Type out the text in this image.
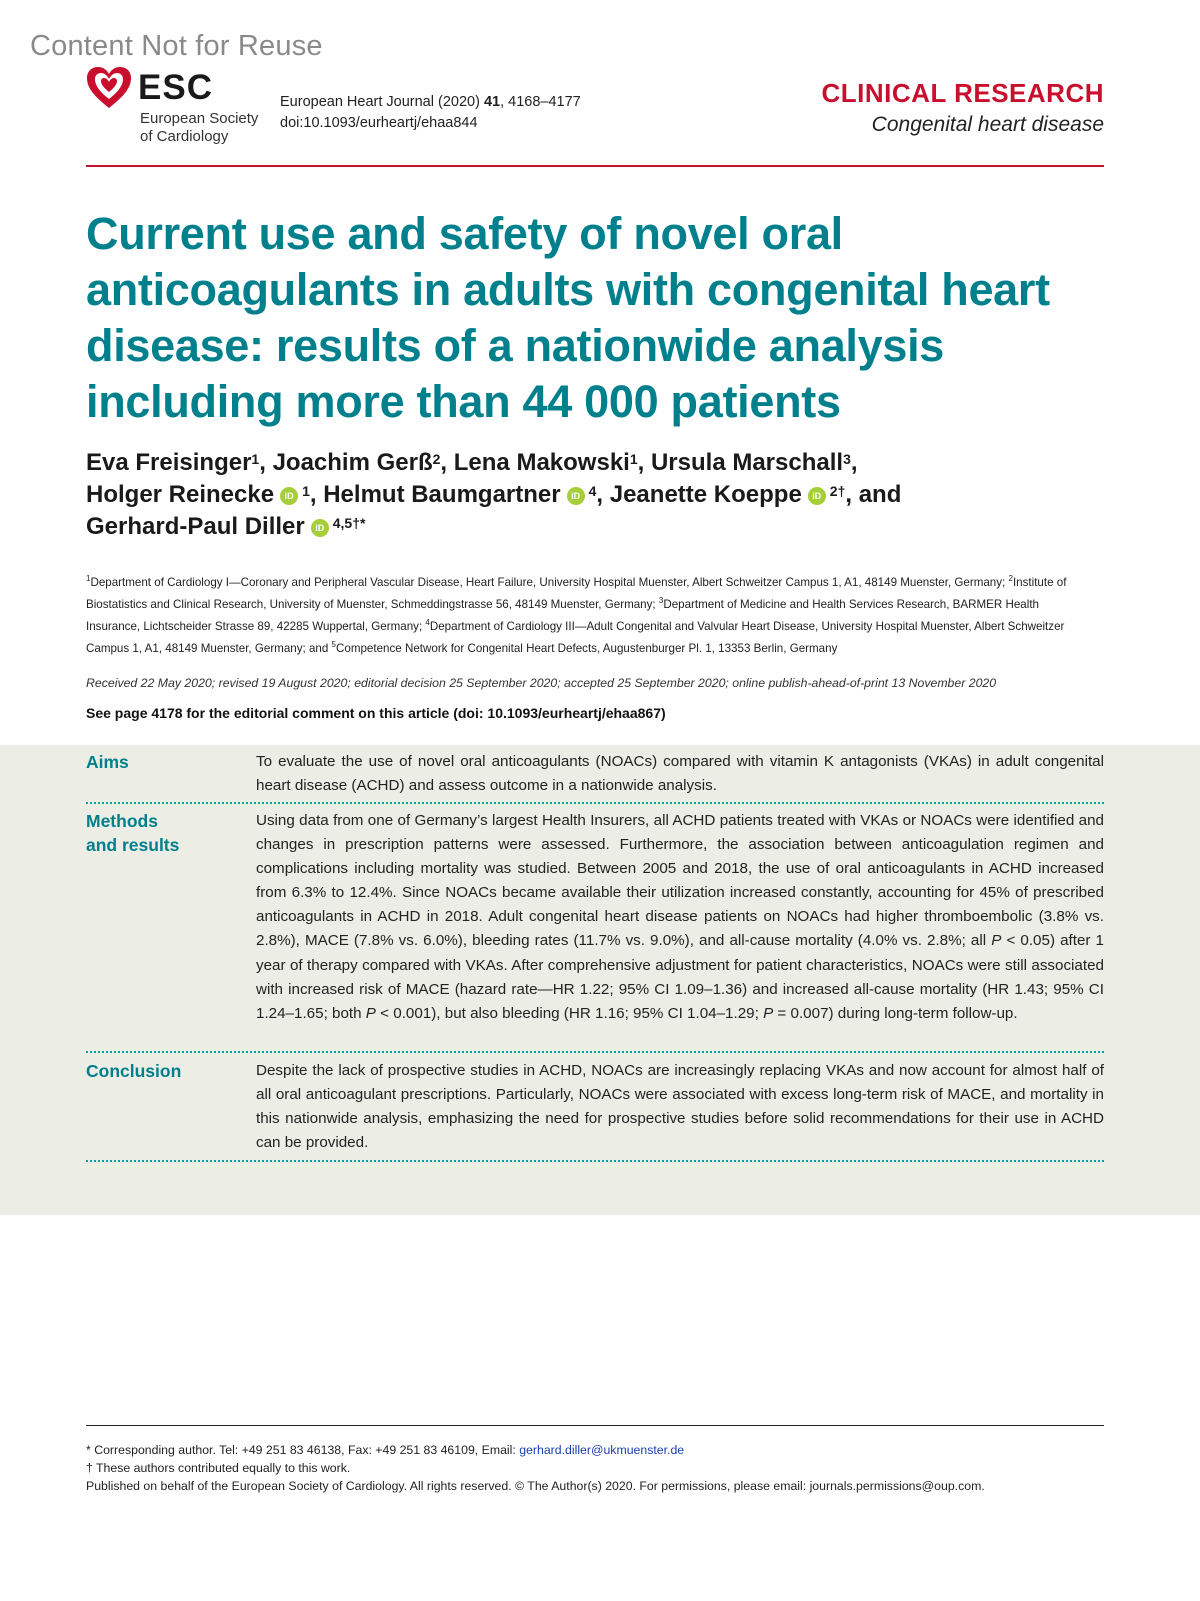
Content Not for Reuse
ESC
European Society
of Cardiology
European Heart Journal (2020) 41, 4168–4177
doi:10.1093/eurheartj/ehaa844
CLINICAL RESEARCH
Congenital heart disease
Current use and safety of novel oral anticoagulants in adults with congenital heart disease: results of a nationwide analysis including more than 44 000 patients
Eva Freisinger$^1$, Joachim Gerß$^2$, Lena Makowski$^1$, Ursula Marschall$^3$,
Holger Reinecke iD $^1$, Helmut Baumgartner iD $^4$, Jeanette Koeppe iD $^{2\dagger}$, and
Gerhard-Paul Diller iD $^{4,5\dagger*}$
$^1$Department of Cardiology I—Coronary and Peripheral Vascular Disease, Heart Failure, University Hospital Muenster, Albert Schweitzer Campus 1, A1, 48149 Muenster, Germany; $^2$Institute of Biostatistics and Clinical Research, University of Muenster, Schmeddingstrasse 56, 48149 Muenster, Germany; $^3$Department of Medicine and Health Services Research, BARMER Health Insurance, Lichtscheider Strasse 89, 42285 Wuppertal, Germany; $^4$Department of Cardiology III—Adult Congenital and Valvular Heart Disease, University Hospital Muenster, Albert Schweitzer Campus 1, A1, 48149 Muenster, Germany; and $^5$Competence Network for Congenital Heart Defects, Augustenburger Pl. 1, 13353 Berlin, Germany
Received 22 May 2020; revised 19 August 2020; editorial decision 25 September 2020; accepted 25 September 2020; online publish-ahead-of-print 13 November 2020
See page 4178 for the editorial comment on this article (doi: 10.1093/eurheartj/ehaa867)
Aims	To evaluate the use of novel oral anticoagulants (NOACs) compared with vitamin K antagonists (VKAs) in adult congenital heart disease (ACHD) and assess outcome in a nationwide analysis.
Methods
and results
Using data from one of Germany’s largest Health Insurers, all ACHD patients treated with VKAs or NOACs were identified and changes in prescription patterns were assessed. Furthermore, the association between anticoagulation regimen and complications including mortality was studied. Between 2005 and 2018, the use of oral anticoagulants in ACHD increased from 6.3% to 12.4%. Since NOACs became available their utilization increased constantly, accounting for 45% of prescribed anticoagulants in ACHD in 2018. Adult congenital heart disease patients on NOACs had higher thromboembolic (3.8% vs. 2.8%), MACE (7.8% vs. 6.0%), bleeding rates (11.7% vs. 9.0%), and all-cause mortality (4.0% vs. 2.8%; all P < 0.05) after 1 year of therapy compared with VKAs. After comprehensive adjustment for patient characteristics, NOACs were still associated with increased risk of MACE (hazard rate—HR 1.22; 95% CI 1.09–1.36) and increased all-cause mortality (HR 1.43; 95% CI 1.24–1.65; both P < 0.001), but also bleeding (HR 1.16; 95% CI 1.04–1.29; P = 0.007) during long-term follow-up.
Conclusion	Despite the lack of prospective studies in ACHD, NOACs are increasingly replacing VKAs and now account for almost half of all oral anticoagulant prescriptions. Particularly, NOACs were associated with excess long-term risk of MACE, and mortality in this nationwide analysis, emphasizing the need for prospective studies before solid recommendations for their use in ACHD can be provided.
* Corresponding author. Tel: +49 251 83 46138, Fax: +49 251 83 46109, Email: gerhard.diller@ukmuenster.de
† These authors contributed equally to this work.
Published on behalf of the European Society of Cardiology. All rights reserved. © The Author(s) 2020. For permissions, please email: journals.permissions@oup.com.
